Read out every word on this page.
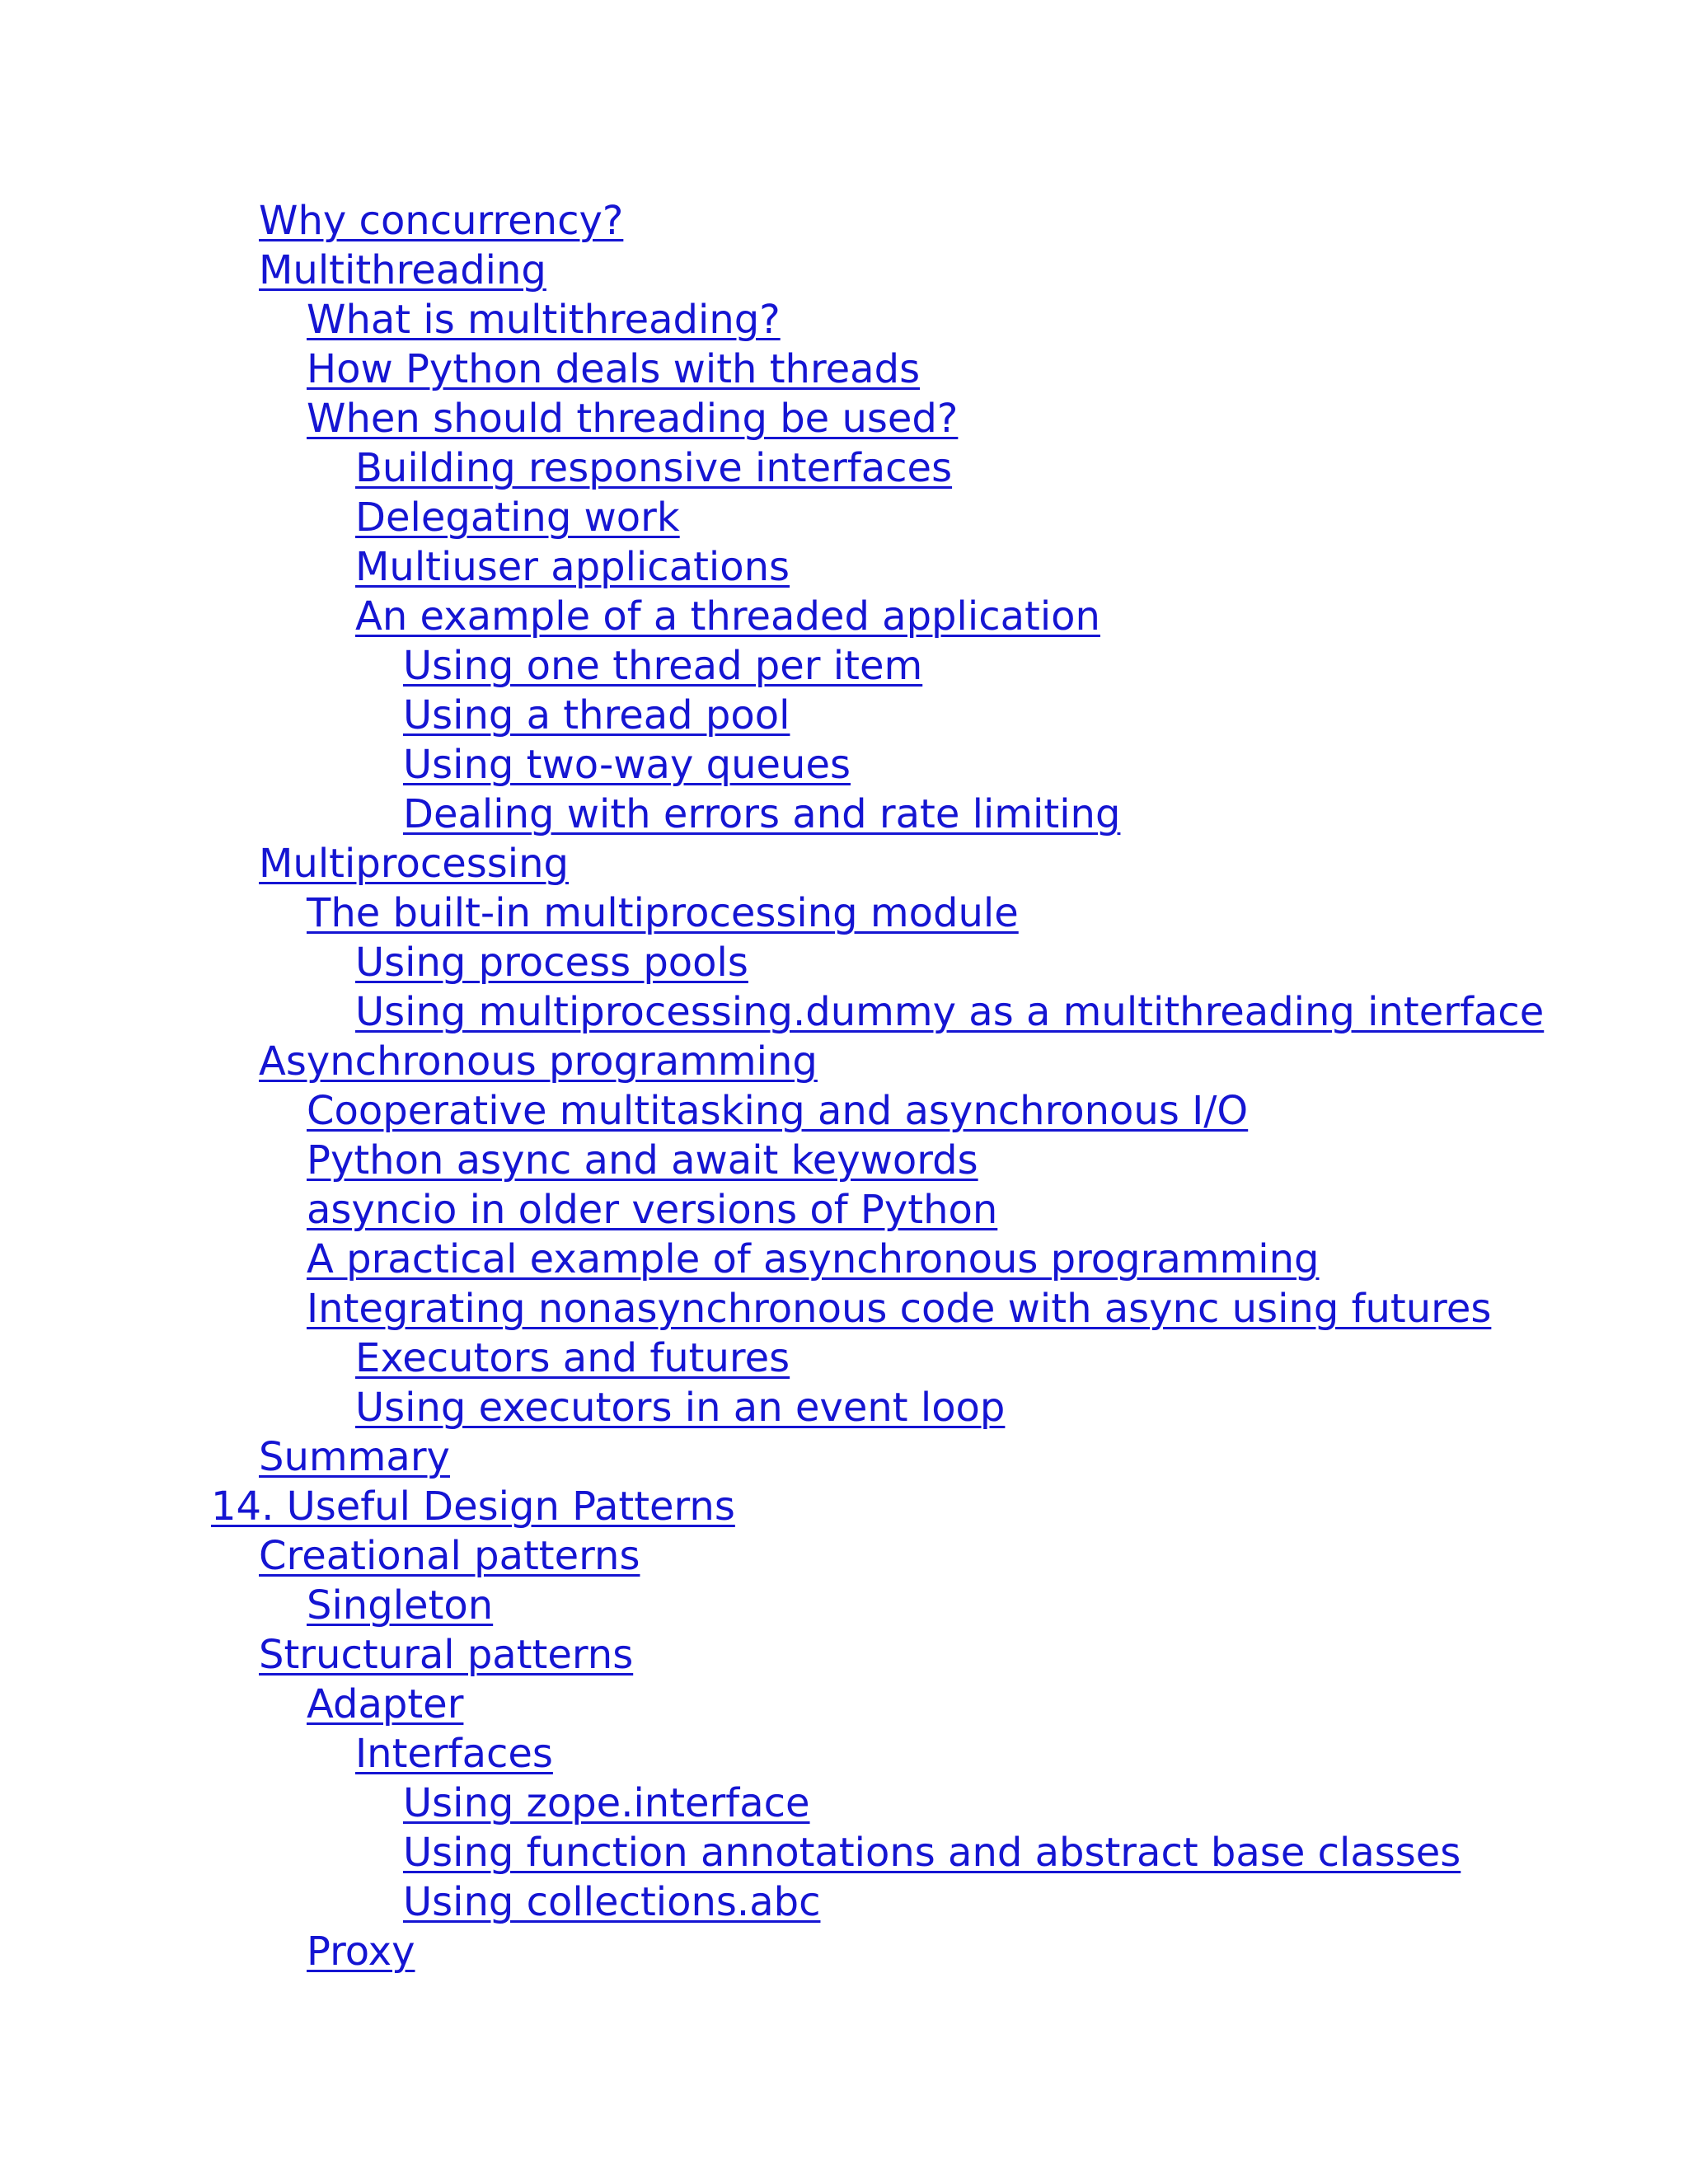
Why concurrency?
Multithreading
What is multithreading?
How Python deals with threads
When should threading be used?
Building responsive interfaces
Delegating work
Multiuser applications
An example of a threaded application
Using one thread per item
Using a thread pool
Using two-way queues
Dealing with errors and rate limiting
Multiprocessing
The built-in multiprocessing module
Using process pools
Using multiprocessing.dummy as a multithreading interface
Asynchronous programming
Cooperative multitasking and asynchronous I/O
Python async and await keywords
asyncio in older versions of Python
A practical example of asynchronous programming
Integrating nonasynchronous code with async using futures
Executors and futures
Using executors in an event loop
Summary
14. Useful Design Patterns
Creational patterns
Singleton
Structural patterns
Adapter
Interfaces
Using zope.interface
Using function annotations and abstract base classes
Using collections.abc
Proxy
